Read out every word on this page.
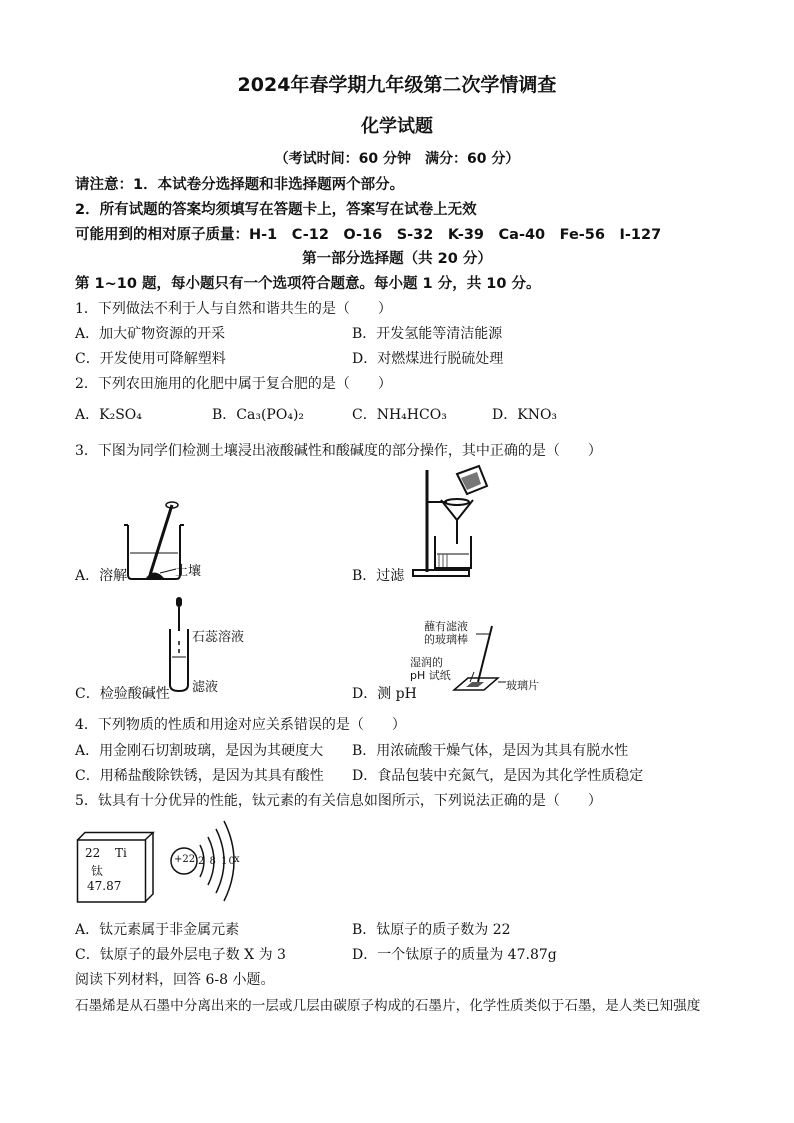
2024年春学期九年级第二次学情调查
化学试题
（考试时间：60 分钟　满分：60 分）
请注意：1．本试卷分选择题和非选择题两个部分。
2．所有试题的答案均须填写在答题卡上，答案写在试卷上无效
可能用到的相对原子质量：H-1　C-12　O-16　S-32　K-39　Ca-40　Fe-56　I-127
第一部分选择题（共 20 分）
第 1~10 题，每小题只有一个选项符合题意。每小题 1 分，共 10 分。
1．下列做法不利于人与自然和谐共生的是（　　）
A．加大矿物资源的开采	B．开发氢能等清洁能源
C．开发使用可降解塑料	D．对燃煤进行脱硫处理
2．下列农田施用的化肥中属于复合肥的是（　　）
A．K₂SO₄	B．Ca₃(PO₄)₂	C．NH₄HCO₃	D．KNO₃
3．下图为同学们检测土壤浸出液酸碱性和酸碱度的部分操作，其中正确的是（　　）
土壤
A．溶解	B．过滤
石蕊溶液
滤液
C．检验酸碱性
蘸有滤液
的玻璃棒
湿润的
pH 试纸
玻璃片
D．测 pH
4．下列物质的性质和用途对应关系错误的是（　　）
A．用金刚石切割玻璃，是因为其硬度大 B．用浓硫酸干燥气体，是因为其具有脱水性
C．用稀盐酸除铁锈，是因为其具有酸性 D．食品包装中充氮气，是因为其化学性质稳定
5．钛具有十分优异的性能，钛元素的有关信息如图所示，下列说法正确的是（　　）
22 Ti
钛
47.87
+22 2 8 10
x
A．钛元素属于非金属元素	B．钛原子的质子数为 22
C．钛原子的最外层电子数 X 为 3	D．一个钛原子的质量为 47.87g
阅读下列材料，回答 6-8 小题。
石墨烯是从石墨中分离出来的一层或几层由碳原子构成的石墨片，化学性质类似于石墨，是人类已知强度
